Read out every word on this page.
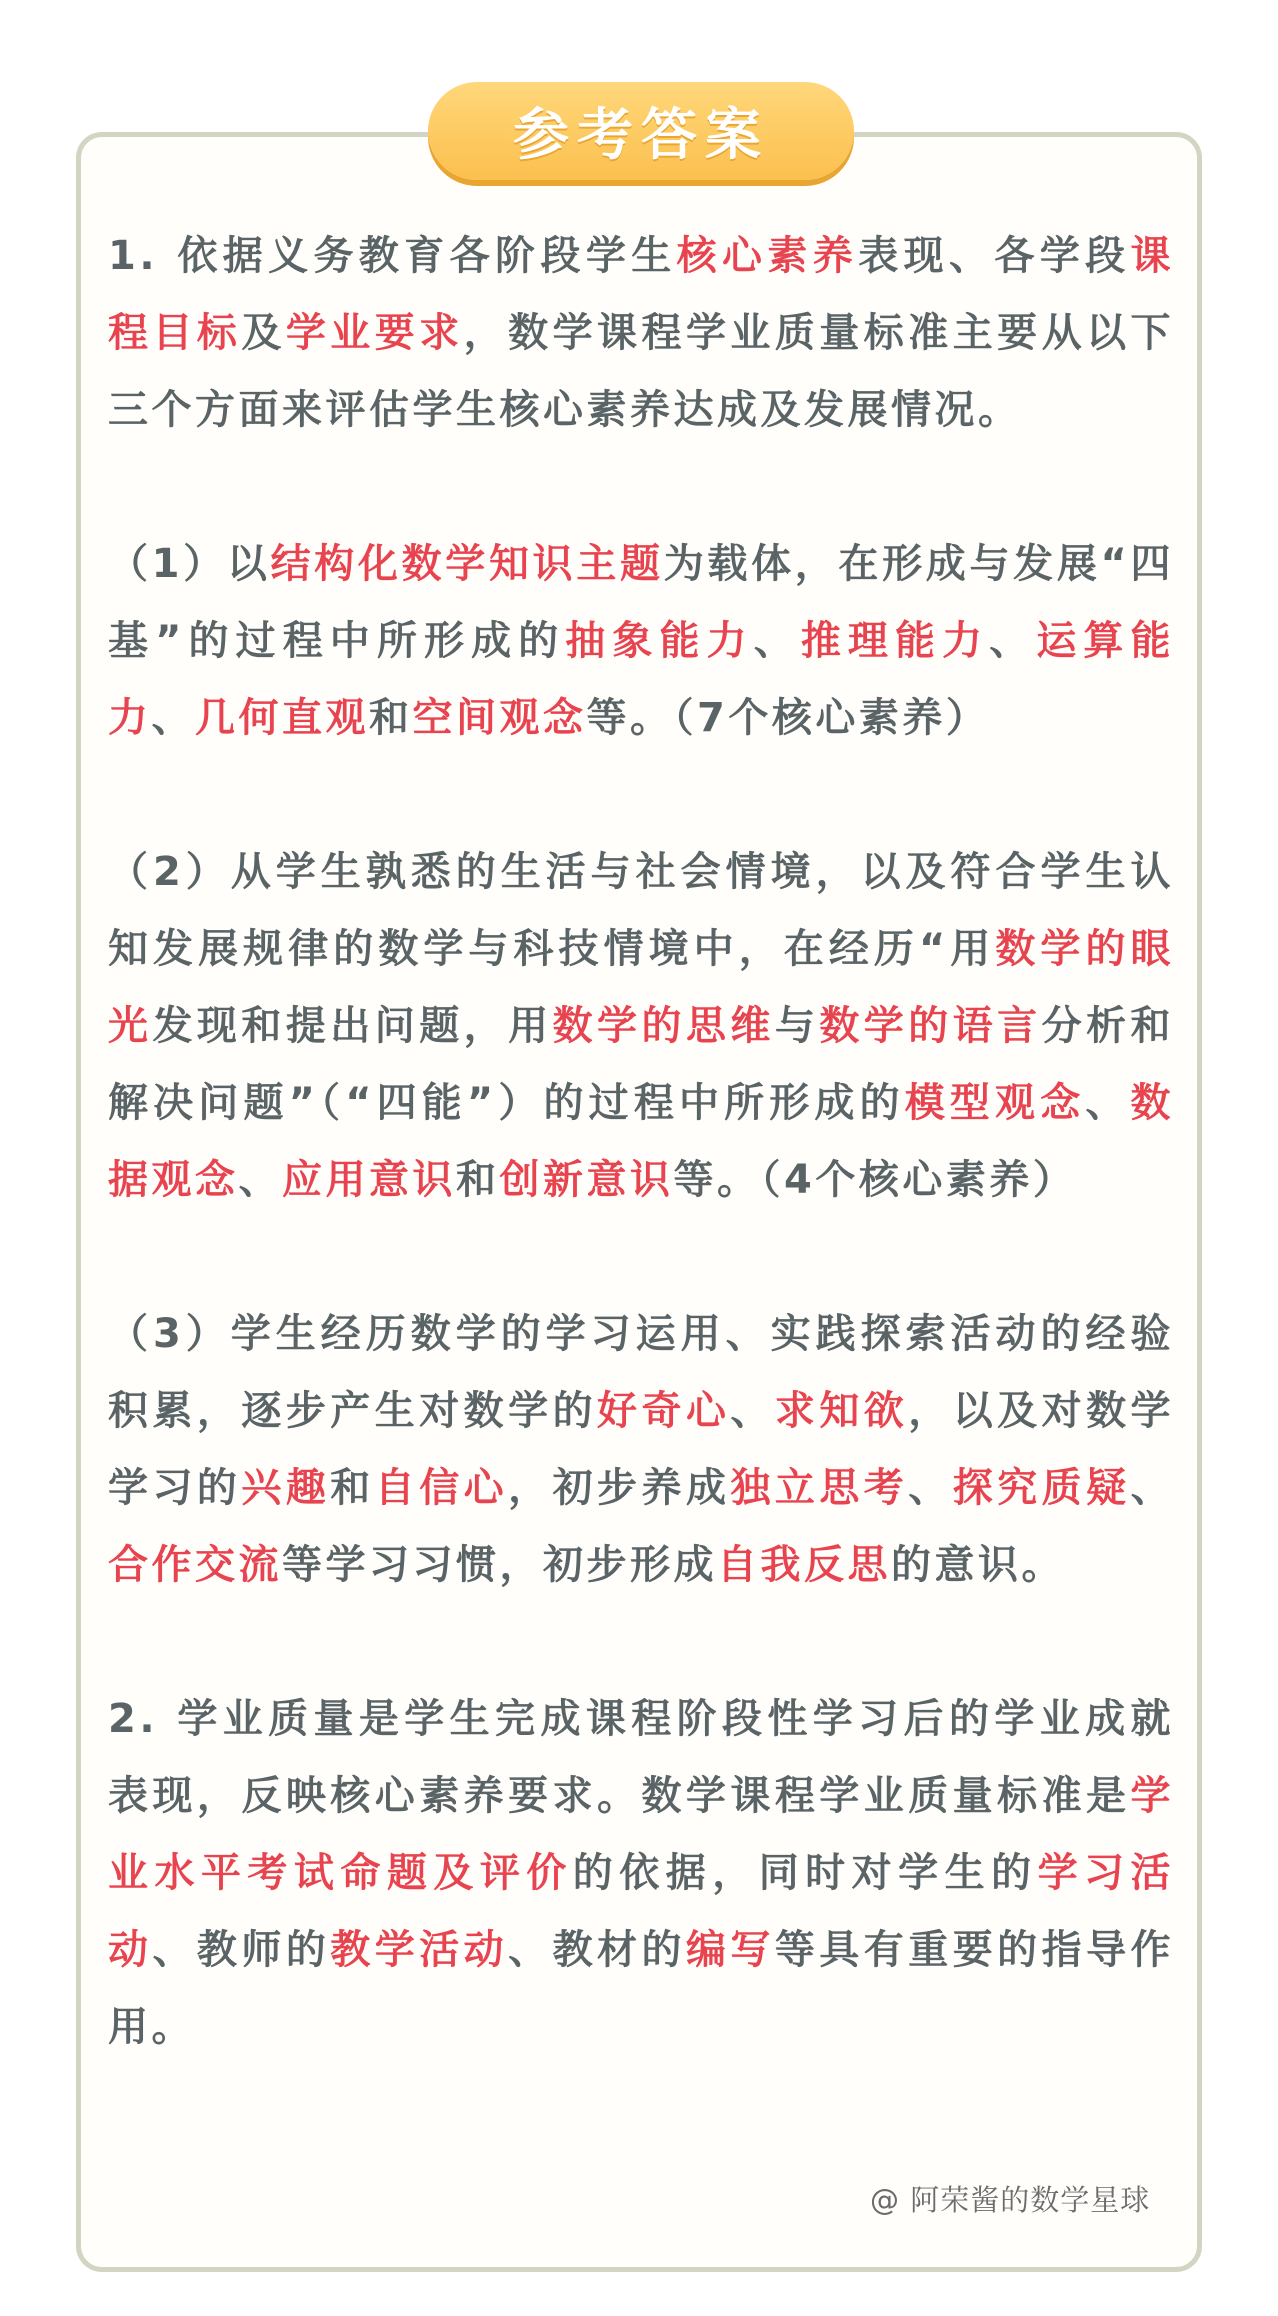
参考答案

1. 依据义务教育各阶段学生核心素养表现、各学段课程目标及学业要求，数学课程学业质量标准主要从以下三个方面来评估学生核心素养达成及发展情况。

（1）以结构化数学知识主题为载体，在形成与发展“四基”的过程中所形成的抽象能力、推理能力、运算能力、几何直观和空间观念等。（7个核心素养）

（2）从学生孰悉的生活与社会情境，以及符合学生认知发展规律的数学与科技情境中，在经历“用数学的眼光发现和提出问题，用数学的思维与数学的语言分析和解决问题”（“四能”）的过程中所形成的模型观念、数据观念、应用意识和创新意识等。（4个核心素养）

（3）学生经历数学的学习运用、实践探索活动的经验积累，逐步产生对数学的好奇心、求知欲，以及对数学学习的兴趣和自信心，初步养成独立思考、探究质疑、合作交流等学习习惯，初步形成自我反思的意识。

2. 学业质量是学生完成课程阶段性学习后的学业成就表现，反映核心素养要求。数学课程学业质量标准是学业水平考试命题及评价的依据，同时对学生的学习活动、教师的教学活动、教材的编写等具有重要的指导作用。

@ 阿荣酱的数学星球
